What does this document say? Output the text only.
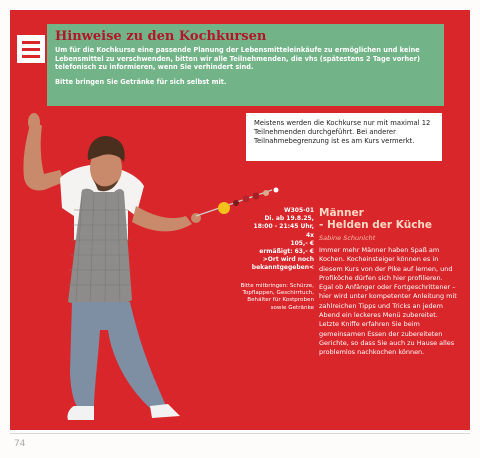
Hinweise zu den Kochkursen

Um für die Kochkurse eine passende Planung der Lebensmitteleinkäufe zu ermöglichen und keine Lebensmittel zu verschwenden, bitten wir alle Teilnehmenden, die vhs (spätestens 2 Tage vorher) telefonisch zu informieren, wenn Sie verhindert sind.

Bitte bringen Sie Getränke für sich selbst mit.

Meistens werden die Kochkurse nur mit maximal 12 Teilnehmenden durchgeführt. Bei anderer Teilnahmebegrenzung ist es am Kurs vermerkt.
W305-01
Di. ab 19.8.25,
18:00 - 21:45 Uhr,
4x
105,- €
ermäßigt: 63,- €
>Ort wird noch
bekanntgegeben<
Bitte mitbringen: Schürze, Topflappen, Geschirrtuch, Behälter für Kostproben sowie Getränke
Männer
- Helden der Küche
Sabine Schunicht
Immer mehr Männer haben Spaß am Kochen. Kocheinsteiger können es in diesem Kurs von der Pike auf lernen, und Profiköche dürfen sich hier profilieren. Egal ob Anfänger oder Fortgeschrittener – hier wird unter kompetenter Anleitung mit zahlreichen Tipps und Tricks an jedem Abend ein leckeres Menü zubereitet. Letzte Kniffe erfahren Sie beim gemeinsamen Essen der zubereiteten Gerichte, so dass Sie auch zu Hause alles problemlos nachkochen können.
74
